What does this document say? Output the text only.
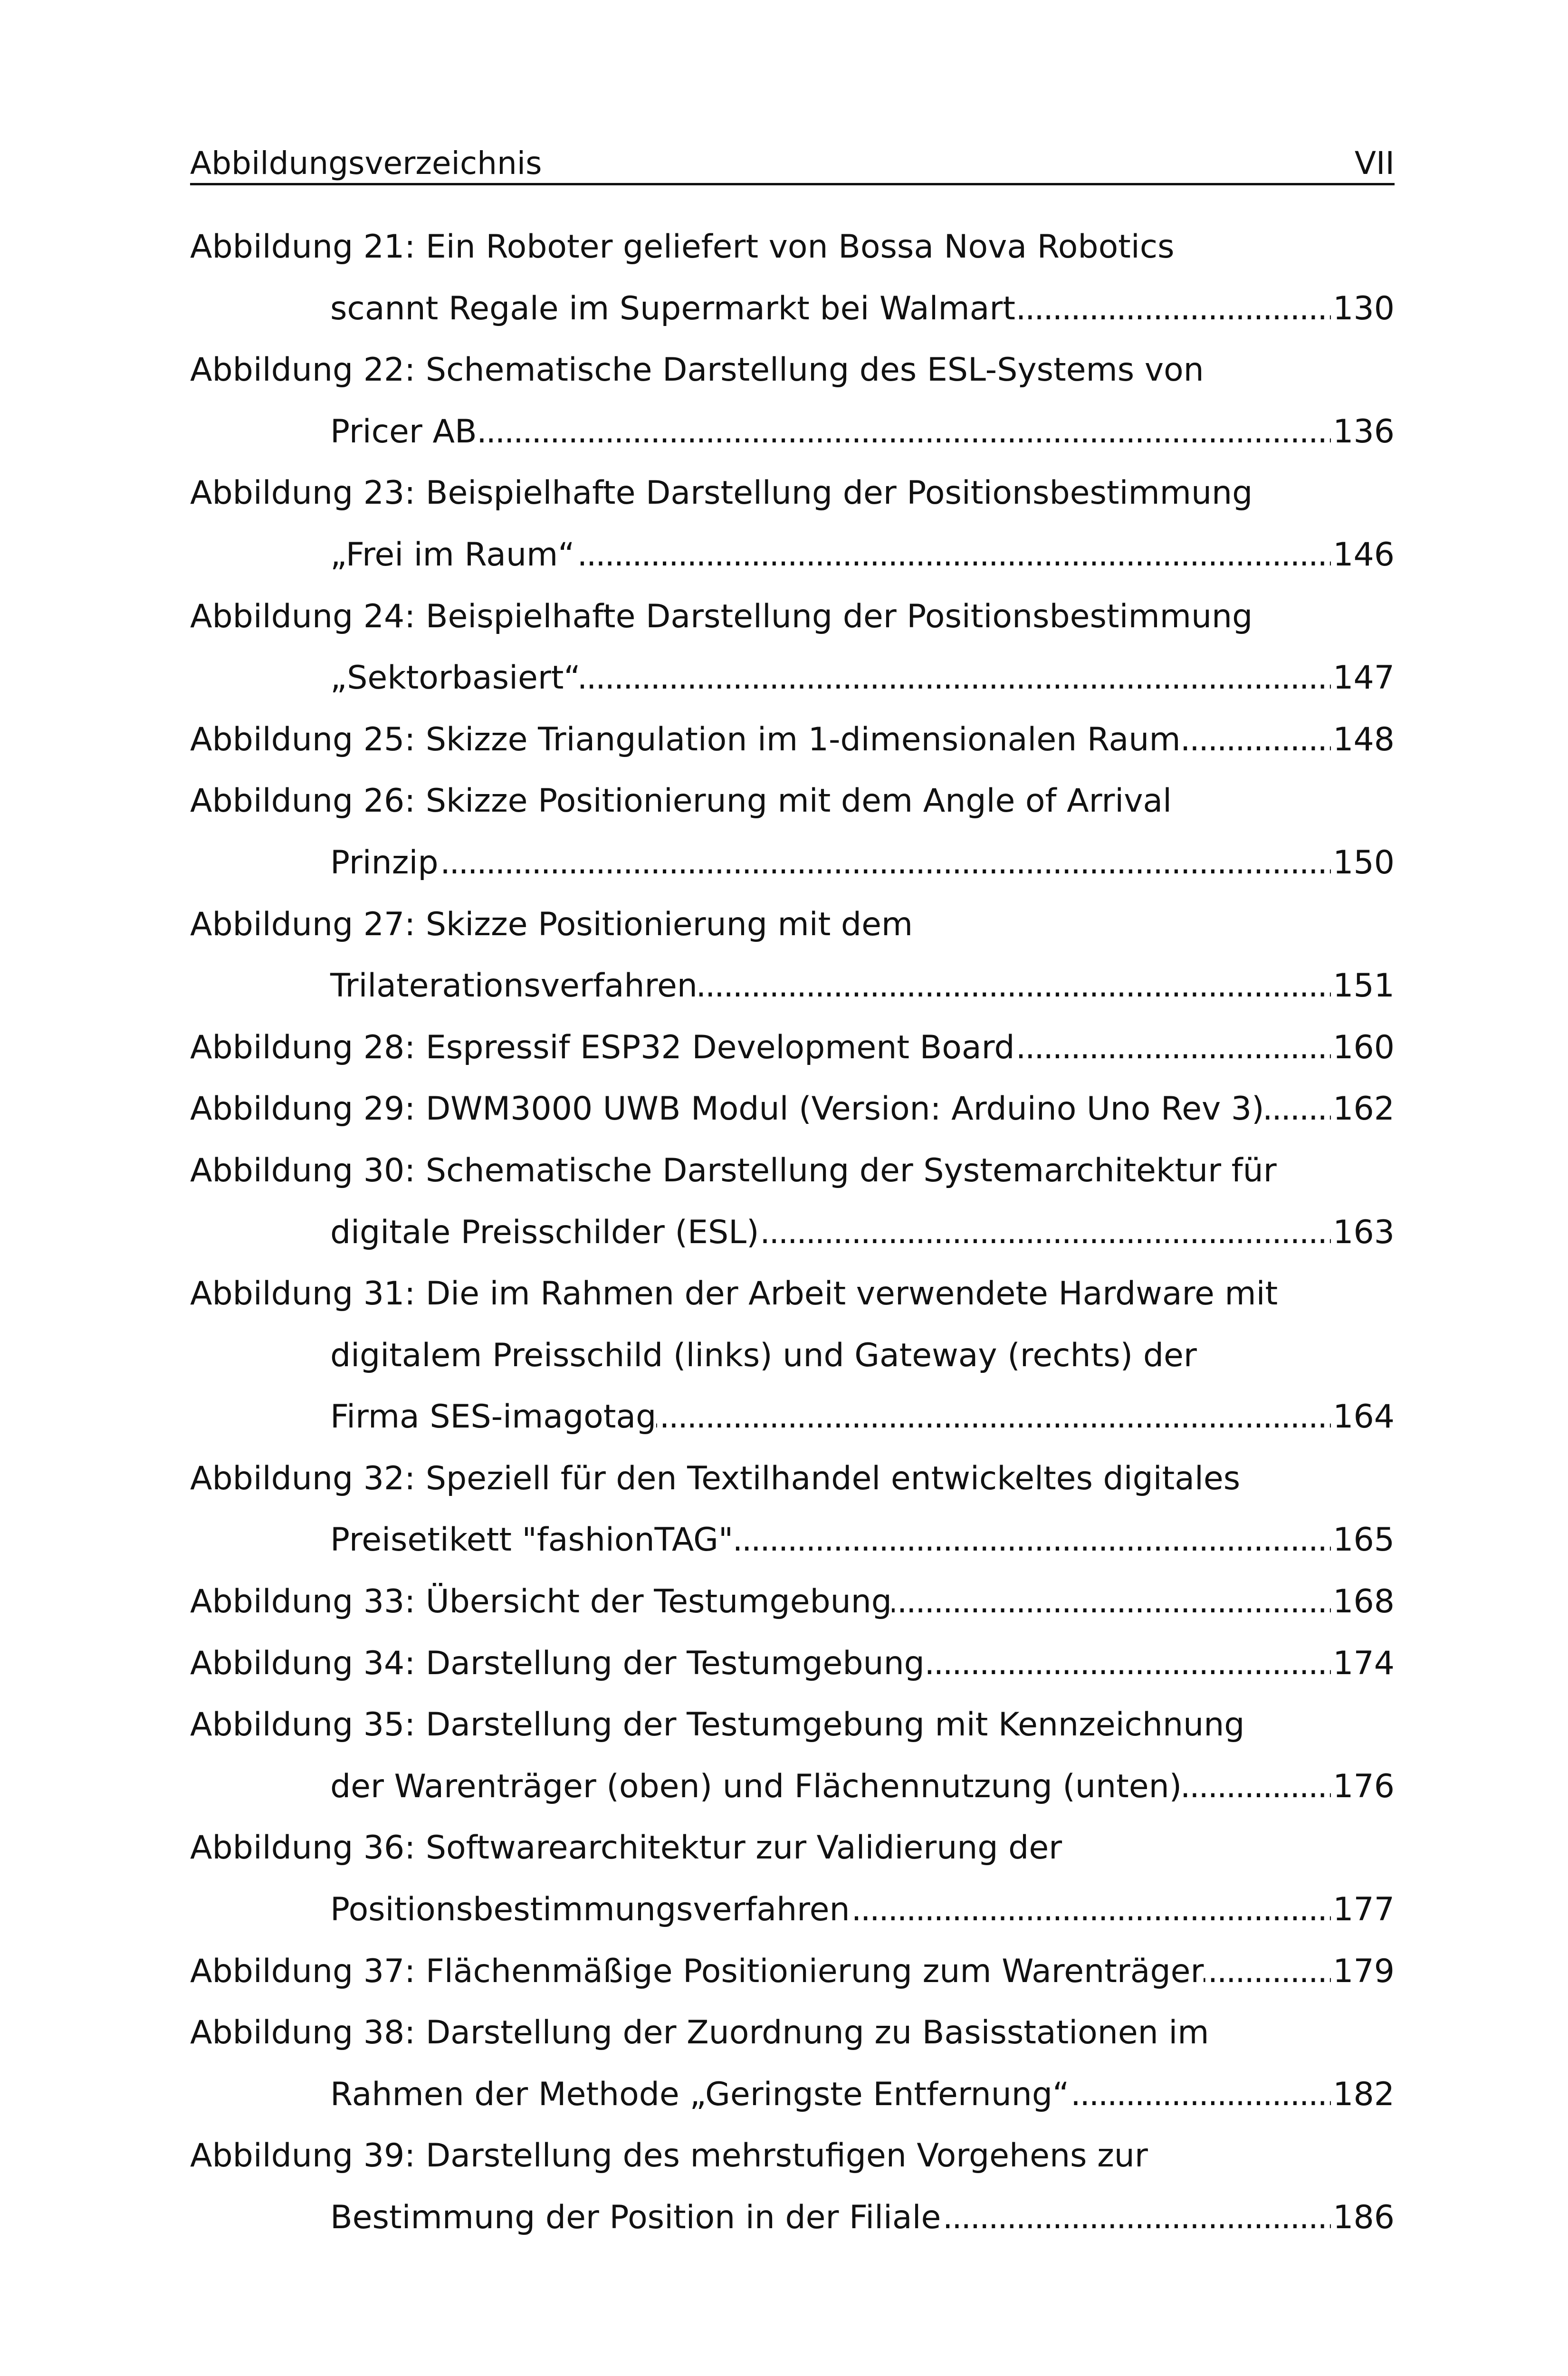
Abbildungsverzeichnis	VII
Abbildung 21: Ein Roboter geliefert von Bossa Nova Robotics
scannt Regale im Supermarkt bei Walmart . . .	130
Abbildung 22: Schematische Darstellung des ESL-Systems von
Pricer AB . . .	136
Abbildung 23: Beispielhafte Darstellung der Positionsbestimmung
„Frei im Raum“ . . .	146
Abbildung 24: Beispielhafte Darstellung der Positionsbestimmung
„Sektorbasiert“ . . .	147
Abbildung 25: Skizze Triangulation im 1-dimensionalen Raum . . .	148
Abbildung 26: Skizze Positionierung mit dem Angle of Arrival
Prinzip . . .	150
Abbildung 27: Skizze Positionierung mit dem
Trilaterationsverfahren . . .	151
Abbildung 28: Espressif ESP32 Development Board . . .	160
Abbildung 29: DWM3000 UWB Modul (Version: Arduino Uno Rev 3) . . . 162
Abbildung 30: Schematische Darstellung der Systemarchitektur für
digitale Preisschilder (ESL) . . .	163
Abbildung 31: Die im Rahmen der Arbeit verwendete Hardware mit
digitalem Preisschild (links) und Gateway (rechts) der
Firma SES-imagotag . . .	164
Abbildung 32: Speziell für den Textilhandel entwickeltes digitales
Preisetikett "fashionTAG" . . .	165
Abbildung 33: Übersicht der Testumgebung . . .	168
Abbildung 34: Darstellung der Testumgebung . . .	174
Abbildung 35: Darstellung der Testumgebung mit Kennzeichnung
der Warenträger (oben) und Flächennutzung (unten) . . .	176
Abbildung 36: Softwarearchitektur zur Validierung der
Positionsbestimmungsverfahren . . .	177
Abbildung 37: Flächenmäßige Positionierung zum Warenträger . . .	179
Abbildung 38: Darstellung der Zuordnung zu Basisstationen im
Rahmen der Methode „Geringste Entfernung“ . . .	182
Abbildung 39: Darstellung des mehrstufigen Vorgehens zur
Bestimmung der Position in der Filiale . . .	186
